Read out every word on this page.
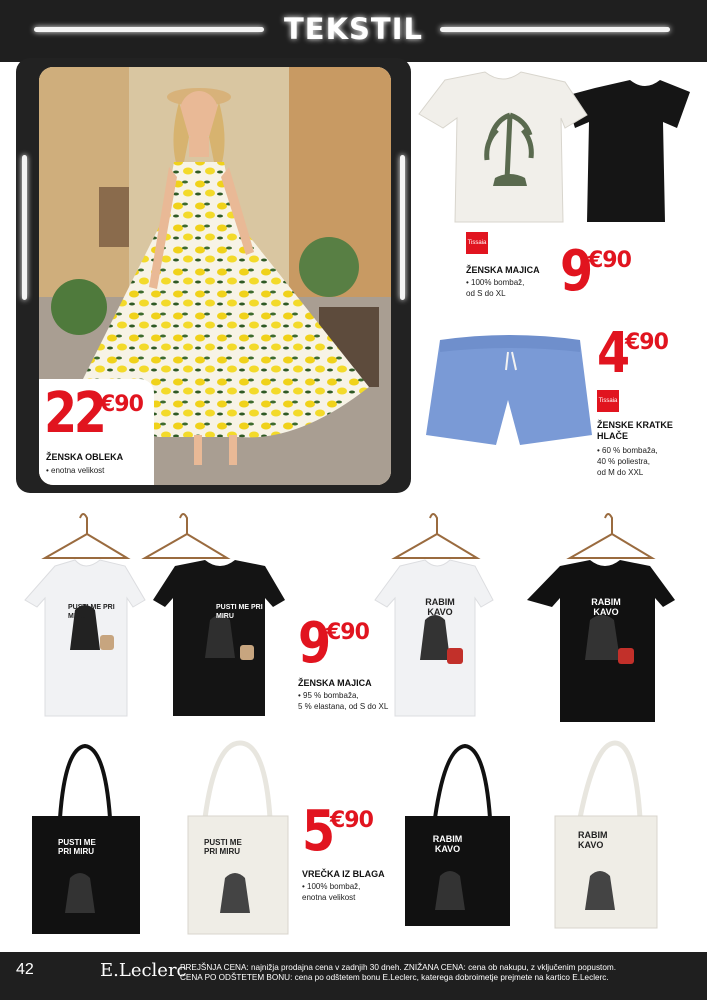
TEKSTIL
22
€90
ŽENSKA OBLEKA
• enotna velikost
Tissaia
ŽENSKA MAJICA
• 100% bombaž,
od S do XL 9
€90
4
€90
Tissaia
ŽENSKE KRATKE HLAČE
• 60 % bombaža,
40 % poliestra,
od M do XXL
PUSTI ME PRI MIRU
PUSTI ME PRI MIRU
RABIM KAVO
RABIM KAVO
9
€90
ŽENSKA MAJICA
• 95 % bombaža,
5 % elastana, od S do XL
PUSTI ME PRI MIRU
PUSTI ME PRI MIRU
RABIM KAVO
RABIM KAVO
5
€90
VREČKA IZ BLAGA
• 100% bombaž,
enotna velikost
42	E.Leclerc
PREJŠNJA CENA: najnižja prodajna cena v zadnjih 30 dneh. ZNIŽANA CENA: cena ob nakupu, z vključenim popustom.
CENA PO ODŠTETEM BONU: cena po odštetem bonu E.Leclerc, katerega dobroimetje prejmete na kartico E.Leclerc.
